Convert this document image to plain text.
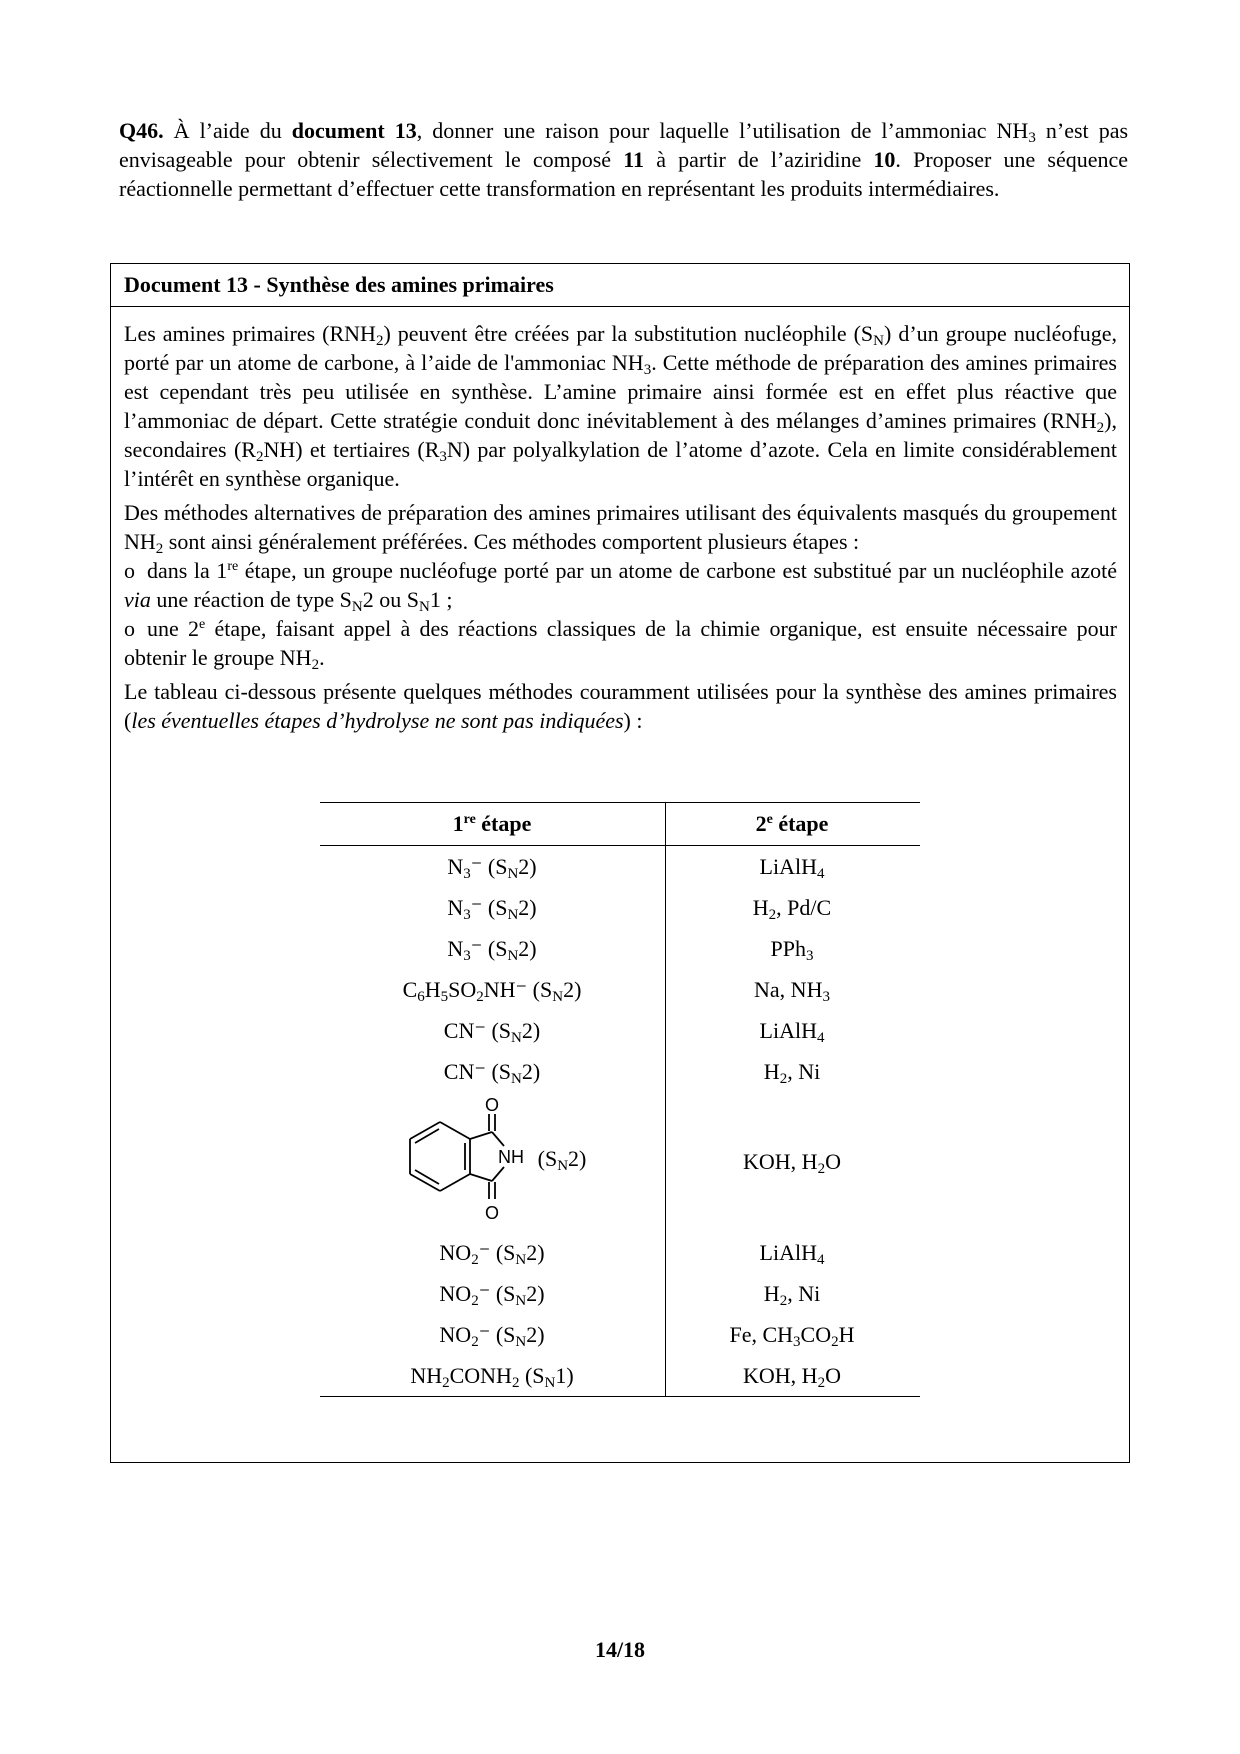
Q46. À l’aide du document 13, donner une raison pour laquelle l’utilisation de l’ammoniac $NH_3$ n’est pas envisageable pour obtenir sélectivement le composé 11 à partir de l’aziridine 10. Proposer une séquence réactionnelle permettant d’effectuer cette transformation en représentant les produits intermédiaires.
Document 13 - Synthèse des amines primaires

Les amines primaires $(RNH_2)$ peuvent être créées par la substitution nucléophile $(S_N)$ d’un groupe nucléofuge, porté par un atome de carbone, à l’aide de l'ammoniac $NH_3$. Cette méthode de préparation des amines primaires est cependant très peu utilisée en synthèse. L’amine primaire ainsi formée est en effet plus réactive que l’ammoniac de départ. Cette stratégie conduit donc inévitablement à des mélanges d’amines primaires $(RNH_2)$, secondaires $(R_2NH)$ et tertiaires $(R_3N)$ par polyalkylation de l’atome d’azote. Cela en limite considérablement l’intérêt en synthèse organique.

Des méthodes alternatives de préparation des amines primaires utilisant des équivalents masqués du groupement $NH_2$ sont ainsi généralement préférées. Ces méthodes comportent plusieurs étapes :

o dans la 1re étape, un groupe nucléofuge porté par un atome de carbone est substitué par un nucléophile azoté via une réaction de type $S_N2$ ou $S_N1$ ;

o une 2e étape, faisant appel à des réactions classiques de la chimie organique, est ensuite nécessaire pour obtenir le groupe $NH_2$.

Le tableau ci-dessous présente quelques méthodes couramment utilisées pour la synthèse des amines primaires (les éventuelles étapes d’hydrolyse ne sont pas indiquées) :

1re étape	2e étape
$N_3^-$ $(S_N2)$	LiAlH$_4$
$N_3^-$ $(S_N2)$	$H_2$, Pd/C
$N_3^-$ $(S_N2)$	PPh$_3$
$C_6H_5SO_2NH^-$ $(S_N2)$	Na, $NH_3$
CN⁻ $(S_N2)$	LiAlH$_4$
CN⁻ $(S_N2)$	$H_2$, Ni
O
NH
O
$(S_N2)$	KOH, $H_2O$
$NO_2^-$ $(S_N2)$	LiAlH$_4$
$NO_2^-$ $(S_N2)$	$H_2$, Ni
$NO_2^-$ $(S_N2)$	Fe, $CH_3CO_2H$
$NH_2CONH_2$ $(S_N1)$	KOH, $H_2O$
14/18
